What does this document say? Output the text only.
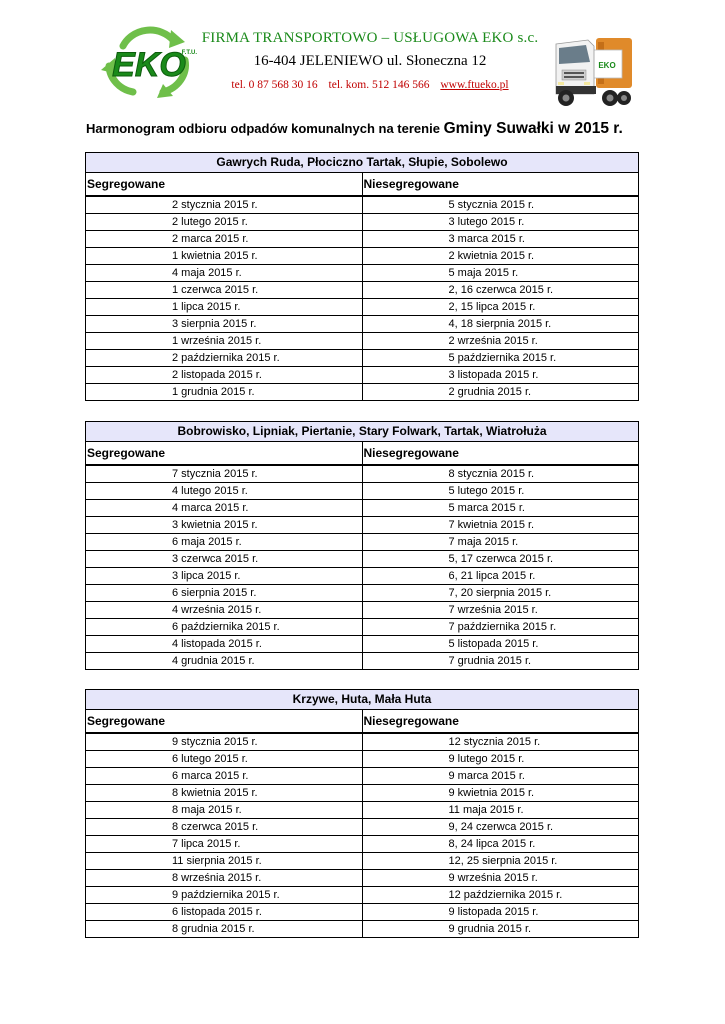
EKO
F.T.U.
FIRMA TRANSPORTOWO – USŁUGOWA EKO s.c.
16-404 JELENIEWO ul. Słoneczna 12
tel. 0 87 568 30 16 tel. kom. 512 146 566 www.ftueko.pl
EKO
Harmonogram odbioru odpadów komunalnych na terenie Gminy Suwałki w 2015 r.
Gawrych Ruda, Płociczno Tartak, Słupie, Sobolewo	
Segregowane	Niesegregowane
2 stycznia 2015 r.	5 stycznia 2015 r.
2 lutego 2015 r.	3 lutego 2015 r.
2 marca 2015 r.	3 marca 2015 r.
1 kwietnia 2015 r.	2 kwietnia 2015 r.
4 maja 2015 r.	5 maja 2015 r.
1 czerwca 2015 r.	2, 16 czerwca 2015 r.
1 lipca 2015 r.	2, 15 lipca 2015 r.
3 sierpnia 2015 r.	4, 18 sierpnia 2015 r.
1 września 2015 r.	2 września 2015 r.
2 października 2015 r.	5 października 2015 r.
2 listopada 2015 r.	3 listopada 2015 r.
1 grudnia 2015 r.	2 grudnia 2015 r.
Bobrowisko, Lipniak, Piertanie, Stary Folwark, Tartak, Wiatrołuża	
Segregowane	Niesegregowane
7 stycznia 2015 r.	8 stycznia 2015 r.
4 lutego 2015 r.	5 lutego 2015 r.
4 marca 2015 r.	5 marca 2015 r.
3 kwietnia 2015 r.	7 kwietnia 2015 r.
6 maja 2015 r.	7 maja 2015 r.
3 czerwca 2015 r.	5, 17 czerwca 2015 r.
3 lipca 2015 r.	6, 21 lipca 2015 r.
6 sierpnia 2015 r.	7, 20 sierpnia 2015 r.
4 września 2015 r.	7 września 2015 r.
6 października 2015 r.	7 października 2015 r.
4 listopada 2015 r.	5 listopada 2015 r.
4 grudnia 2015 r.	7 grudnia 2015 r.
Krzywe, Huta, Mała Huta	
Segregowane	Niesegregowane
9 stycznia 2015 r.	12 stycznia 2015 r.
6 lutego 2015 r.	9 lutego 2015 r.
6 marca 2015 r.	9 marca 2015 r.
8 kwietnia 2015 r.	9 kwietnia 2015 r.
8 maja 2015 r.	11 maja 2015 r.
8 czerwca 2015 r.	9, 24 czerwca 2015 r.
7 lipca 2015 r.	8, 24 lipca 2015 r.
11 sierpnia 2015 r.	12, 25 sierpnia 2015 r.
8 września 2015 r.	9 września 2015 r.
9 października 2015 r.	12 października 2015 r.
6 listopada 2015 r.	9 listopada 2015 r.
8 grudnia 2015 r.	9 grudnia 2015 r.
